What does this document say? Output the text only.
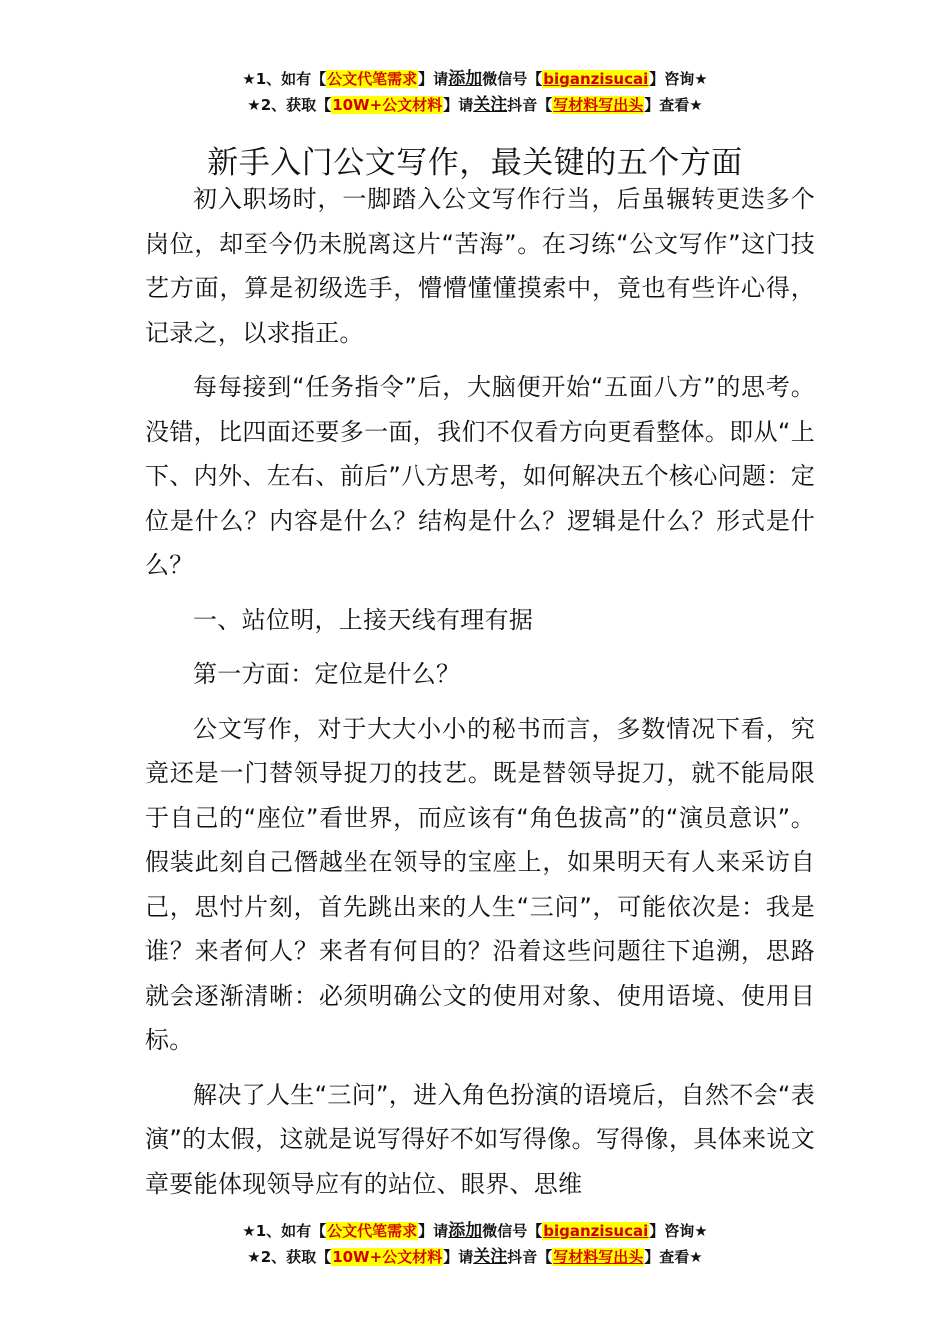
★1、如有【公文代笔需求】请添加微信号【biganzisucai】咨询★
★2、获取【10W+公文材料】请关注抖音【写材料写出头】查看★
新手入门公文写作，最关键的五个方面

初入职场时，一脚踏入公文写作行当，后虽辗转更迭多个岗位，却至今仍未脱离这片“苦海”。在习练“公文写作”这门技艺方面，算是初级选手，懵懵懂懂摸索中，竟也有些许心得，记录之，以求指正。

每每接到“任务指令”后，大脑便开始“五面八方”的思考。没错，比四面还要多一面，我们不仅看方向更看整体。即从“上下、内外、左右、前后”八方思考，如何解决五个核心问题：定位是什么？内容是什么？结构是什么？逻辑是什么？形式是什么？

一、站位明，上接天线有理有据

第一方面：定位是什么？

公文写作，对于大大小小的秘书而言，多数情况下看，究竟还是一门替领导捉刀的技艺。既是替领导捉刀，就不能局限于自己的“座位”看世界，而应该有“角色拔高”的“演员意识”。假装此刻自己僭越坐在领导的宝座上，如果明天有人来采访自己，思忖片刻，首先跳出来的人生“三问”，可能依次是：我是谁？来者何人？来者有何目的？沿着这些问题往下追溯，思路就会逐渐清晰：必须明确公文的使用对象、使用语境、使用目标。

解决了人生“三问”，进入角色扮演的语境后，自然不会“表演”的太假，这就是说写得好不如写得像。写得像，具体来说文章要能体现领导应有的站位、眼界、思维

★1、如有【公文代笔需求】请添加微信号【biganzisucai】咨询★
★2、获取【10W+公文材料】请关注抖音【写材料写出头】查看★
